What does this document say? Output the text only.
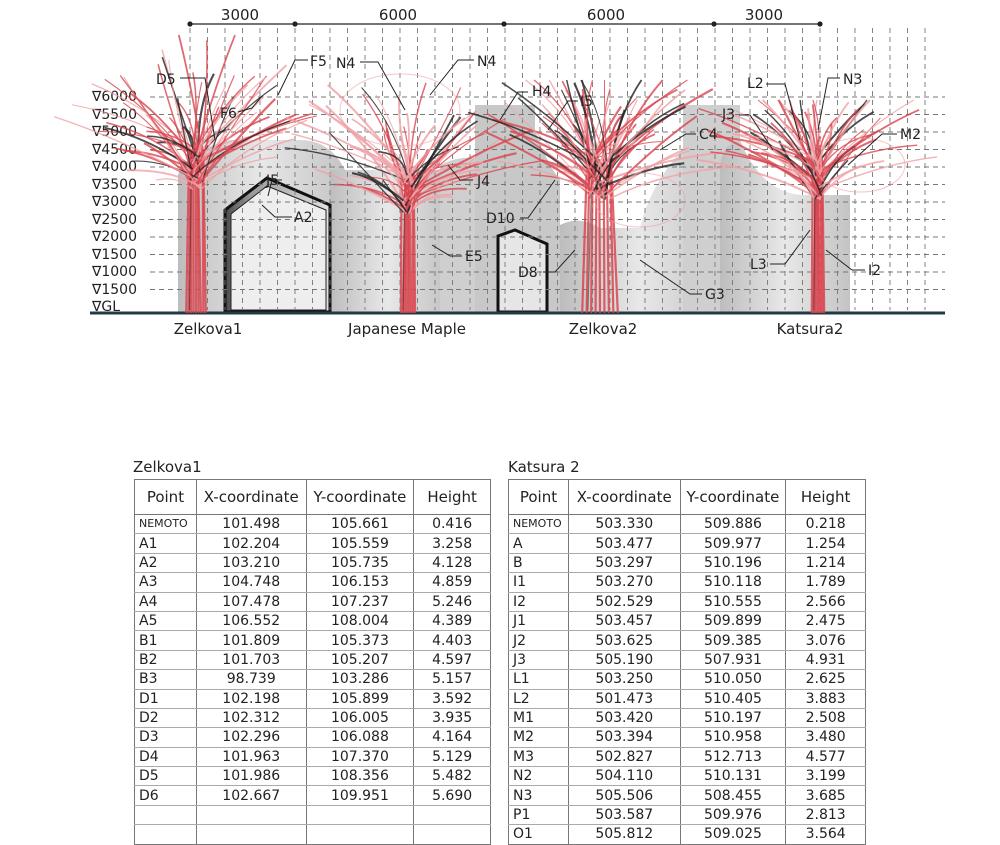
3000	6000	6000	3000
∇6000
∇5500
∇5000
∇4500
∇4000
∇3500
∇3000
∇2500
∇2000
∇1500
∇1000
∇1500
∇GL
D5
F6
F5 N4	N4
J5
A2
J4
E5
H4
I5
C4
D10
D8
G3
J3
L2	N3
M2
L3	I2
Zelkova1	Japanese Maple	Zelkova2	Katsura2
Zelkova1
Point	X-coordinate	Y-coordinate	Height
NEMOTO	101.498	105.661	0.416
A1	102.204	105.559	3.258
A2	103.210	105.735	4.128
A3	104.748	106.153	4.859
A4	107.478	107.237	5.246
A5	106.552	108.004	4.389
B1	101.809	105.373	4.403
B2	101.703	105.207	4.597
B3	98.739	103.286	5.157
D1	102.198	105.899	3.592
D2	102.312	106.005	3.935
D3	102.296	106.088	4.164
D4	101.963	107.370	5.129
D5	101.986	108.356	5.482
D6	102.667	109.951	5.690

Katsura 2
Point	X-coordinate	Y-coordinate	Height
NEMOTO	503.330	509.886	0.218
A	503.477	509.977	1.254
B	503.297	510.196	1.214
I1	503.270	510.118	1.789
I2	502.529	510.555	2.566
J1	503.457	509.899	2.475
J2	503.625	509.385	3.076
J3	505.190	507.931	4.931
L1	503.250	510.050	2.625
L2	501.473	510.405	3.883
M1	503.420	510.197	2.508
M2	503.394	510.958	3.480
M3	502.827	512.713	4.577
N2	504.110	510.131	3.199
N3	505.506	508.455	3.685
P1	503.587	509.976	2.813
O1	505.812	509.025	3.564
